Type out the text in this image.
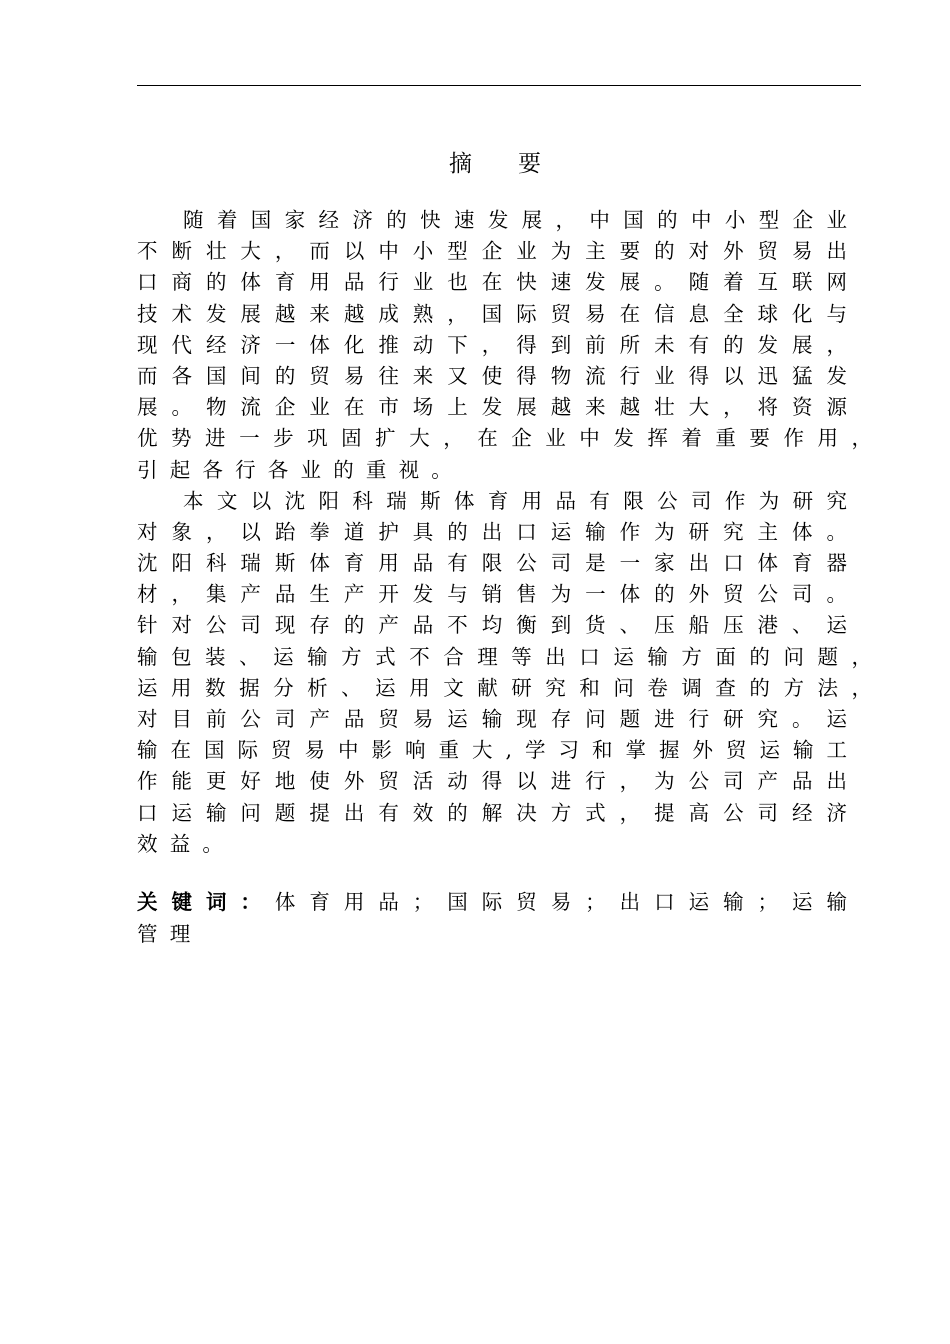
摘 要
随着国家经济的快速发展，中国的中小型企业
不断壮大，而以中小型企业为主要的对外贸易出
口商的体育用品行业也在快速发展。随着互联网
技术发展越来越成熟，国际贸易在信息全球化与
现代经济一体化推动下，得到前所未有的发展，
而各国间的贸易往来又使得物流行业得以迅猛发
展。物流企业在市场上发展越来越壮大，将资源
优势进一步巩固扩大，在企业中发挥着重要作用，
引起各行各业的重视。
本文以沈阳科瑞斯体育用品有限公司作为研究
对象，以跆拳道护具的出口运输作为研究主体。
沈阳科瑞斯体育用品有限公司是一家出口体育器
材，集产品生产开发与销售为一体的外贸公司。
针对公司现存的产品不均衡到货、压船压港、运
输包装、运输方式不合理等出口运输方面的问题，
运用数据分析、运用文献研究和问卷调查的方法，
对目前公司产品贸易运输现存问题进行研究。运
输在国际贸易中影响重大,学习和掌握外贸运输工
作能更好地使外贸活动得以进行，为公司产品出
口运输问题提出有效的解决方式，提高公司经济
效益。
关键词：体育用品；国际贸易；出口运输；运输
管理
